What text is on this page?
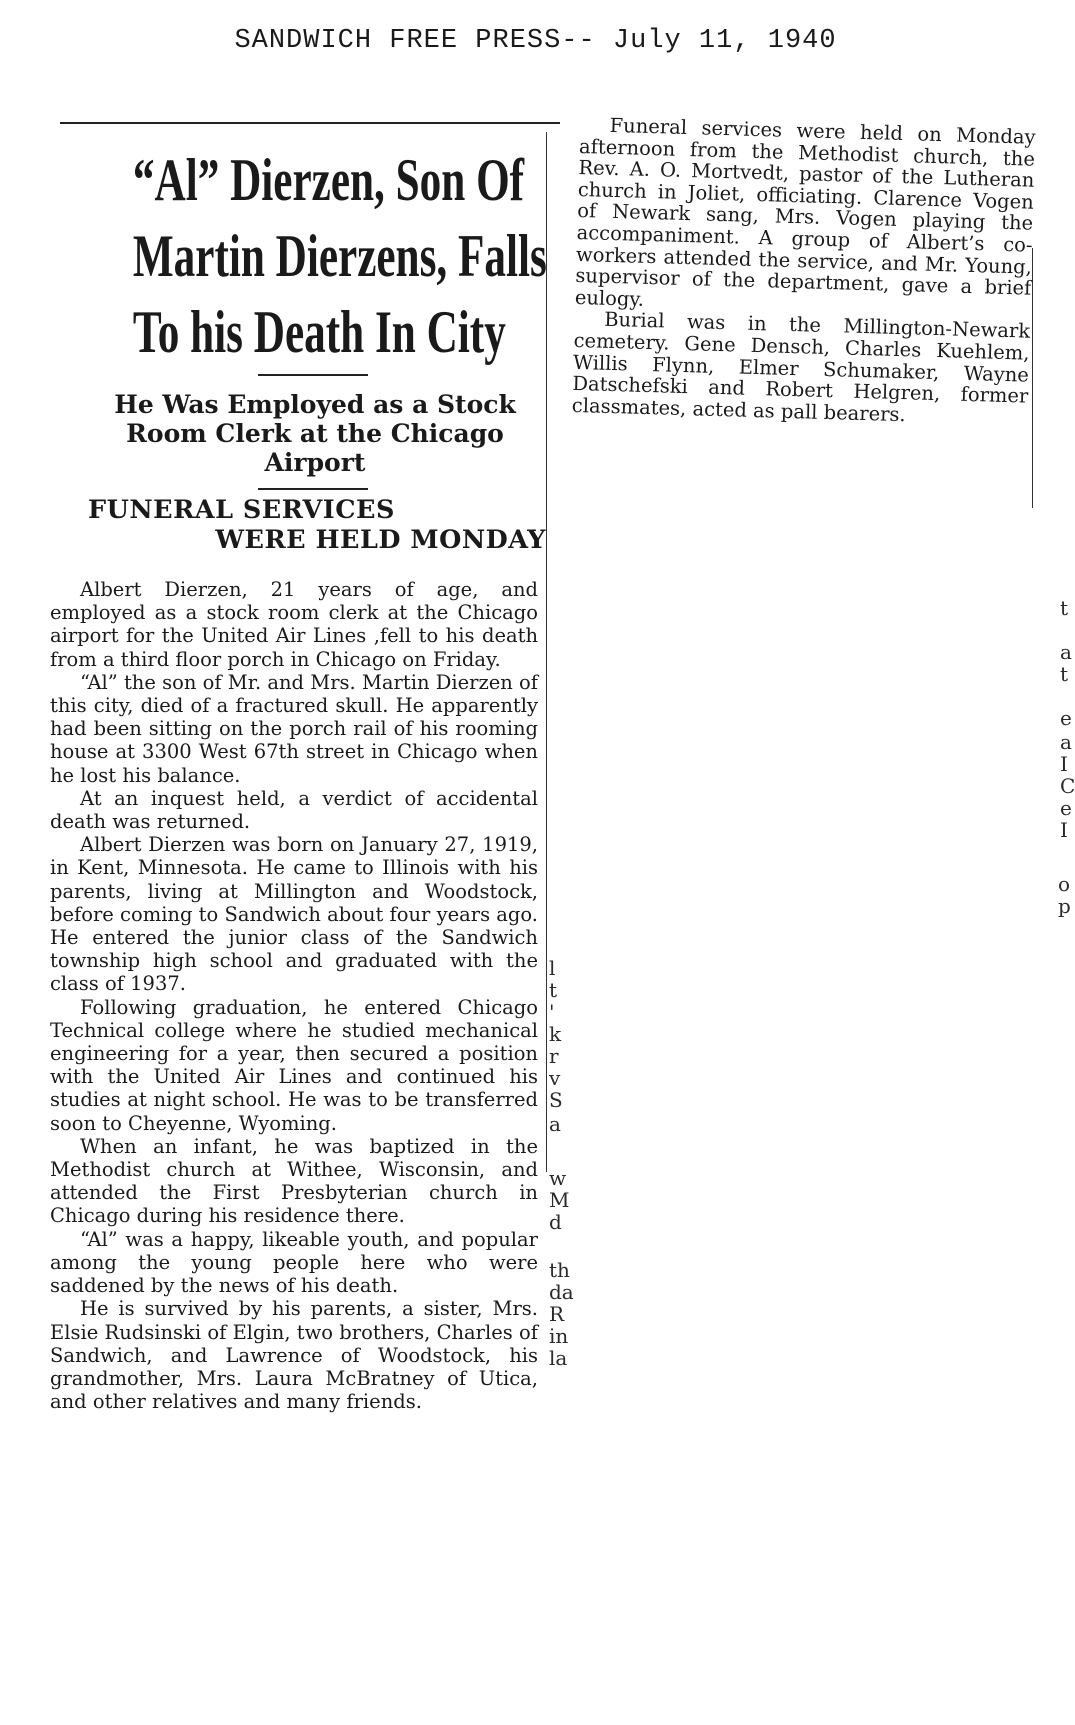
SANDWICH FREE PRESS-- July 11, 1940
“Al” Dierzen, Son Of
Martin Dierzens, Falls
To his Death In City
He Was Employed as a Stock Room Clerk at the Chicago Airport
FUNERAL SERVICES
WERE HELD MONDAY

Albert Dierzen, 21 years of age, and employed as a stock room clerk at the Chicago airport for the United Air Lines ,fell to his death from a third floor porch in Chicago on Friday.

“Al” the son of Mr. and Mrs. Martin Dierzen of this city, died of a fractured skull. He apparently had been sitting on the porch rail of his rooming house at 3300 West 67th street in Chicago when he lost his balance.

At an inquest held, a verdict of accidental death was returned.

Albert Dierzen was born on January 27, 1919, in Kent, Minnesota. He came to Illinois with his parents, living at Millington and Woodstock, before coming to Sandwich about four years ago. He entered the junior class of the Sandwich township high school and graduated with the class of 1937.

Following graduation, he entered Chicago Technical college where he studied mechanical engineering for a year, then secured a position with the United Air Lines and continued his studies at night school. He was to be transferred soon to Cheyenne, Wyoming.

When an infant, he was baptized in the Methodist church at Withee, Wisconsin, and attended the First Presbyterian church in Chicago during his residence there.

“Al” was a happy, likeable youth, and popular among the young people here who were saddened by the news of his death.

He is survived by his parents, a sister, Mrs. Elsie Rudsinski of Elgin, two brothers, Charles of Sandwich, and Lawrence of Woodstock, his grandmother, Mrs. Laura McBratney of Utica, and other relatives and many friends.

Funeral services were held on Monday afternoon from the Methodist church, the Rev. A. O. Mortvedt, pastor of the Lutheran church in Joliet, officiating. Clarence Vogen of Newark sang, Mrs. Vogen playing the accompaniment. A group of Albert’s co-workers attended the service, and Mr. Young, supervisor of the department, gave a brief eulogy.

Burial was in the Millington-Newark cemetery. Gene Densch, Charles Kuehlem, Willis Flynn, Elmer Schumaker, Wayne Datschefski and Robert Helgren, former classmates, acted as pall bearers.

l
t
'
k
r
v
S
a
w
M
d
th
da
R
in
la
t
a
t
e
a
I
C
e
I
o
p
